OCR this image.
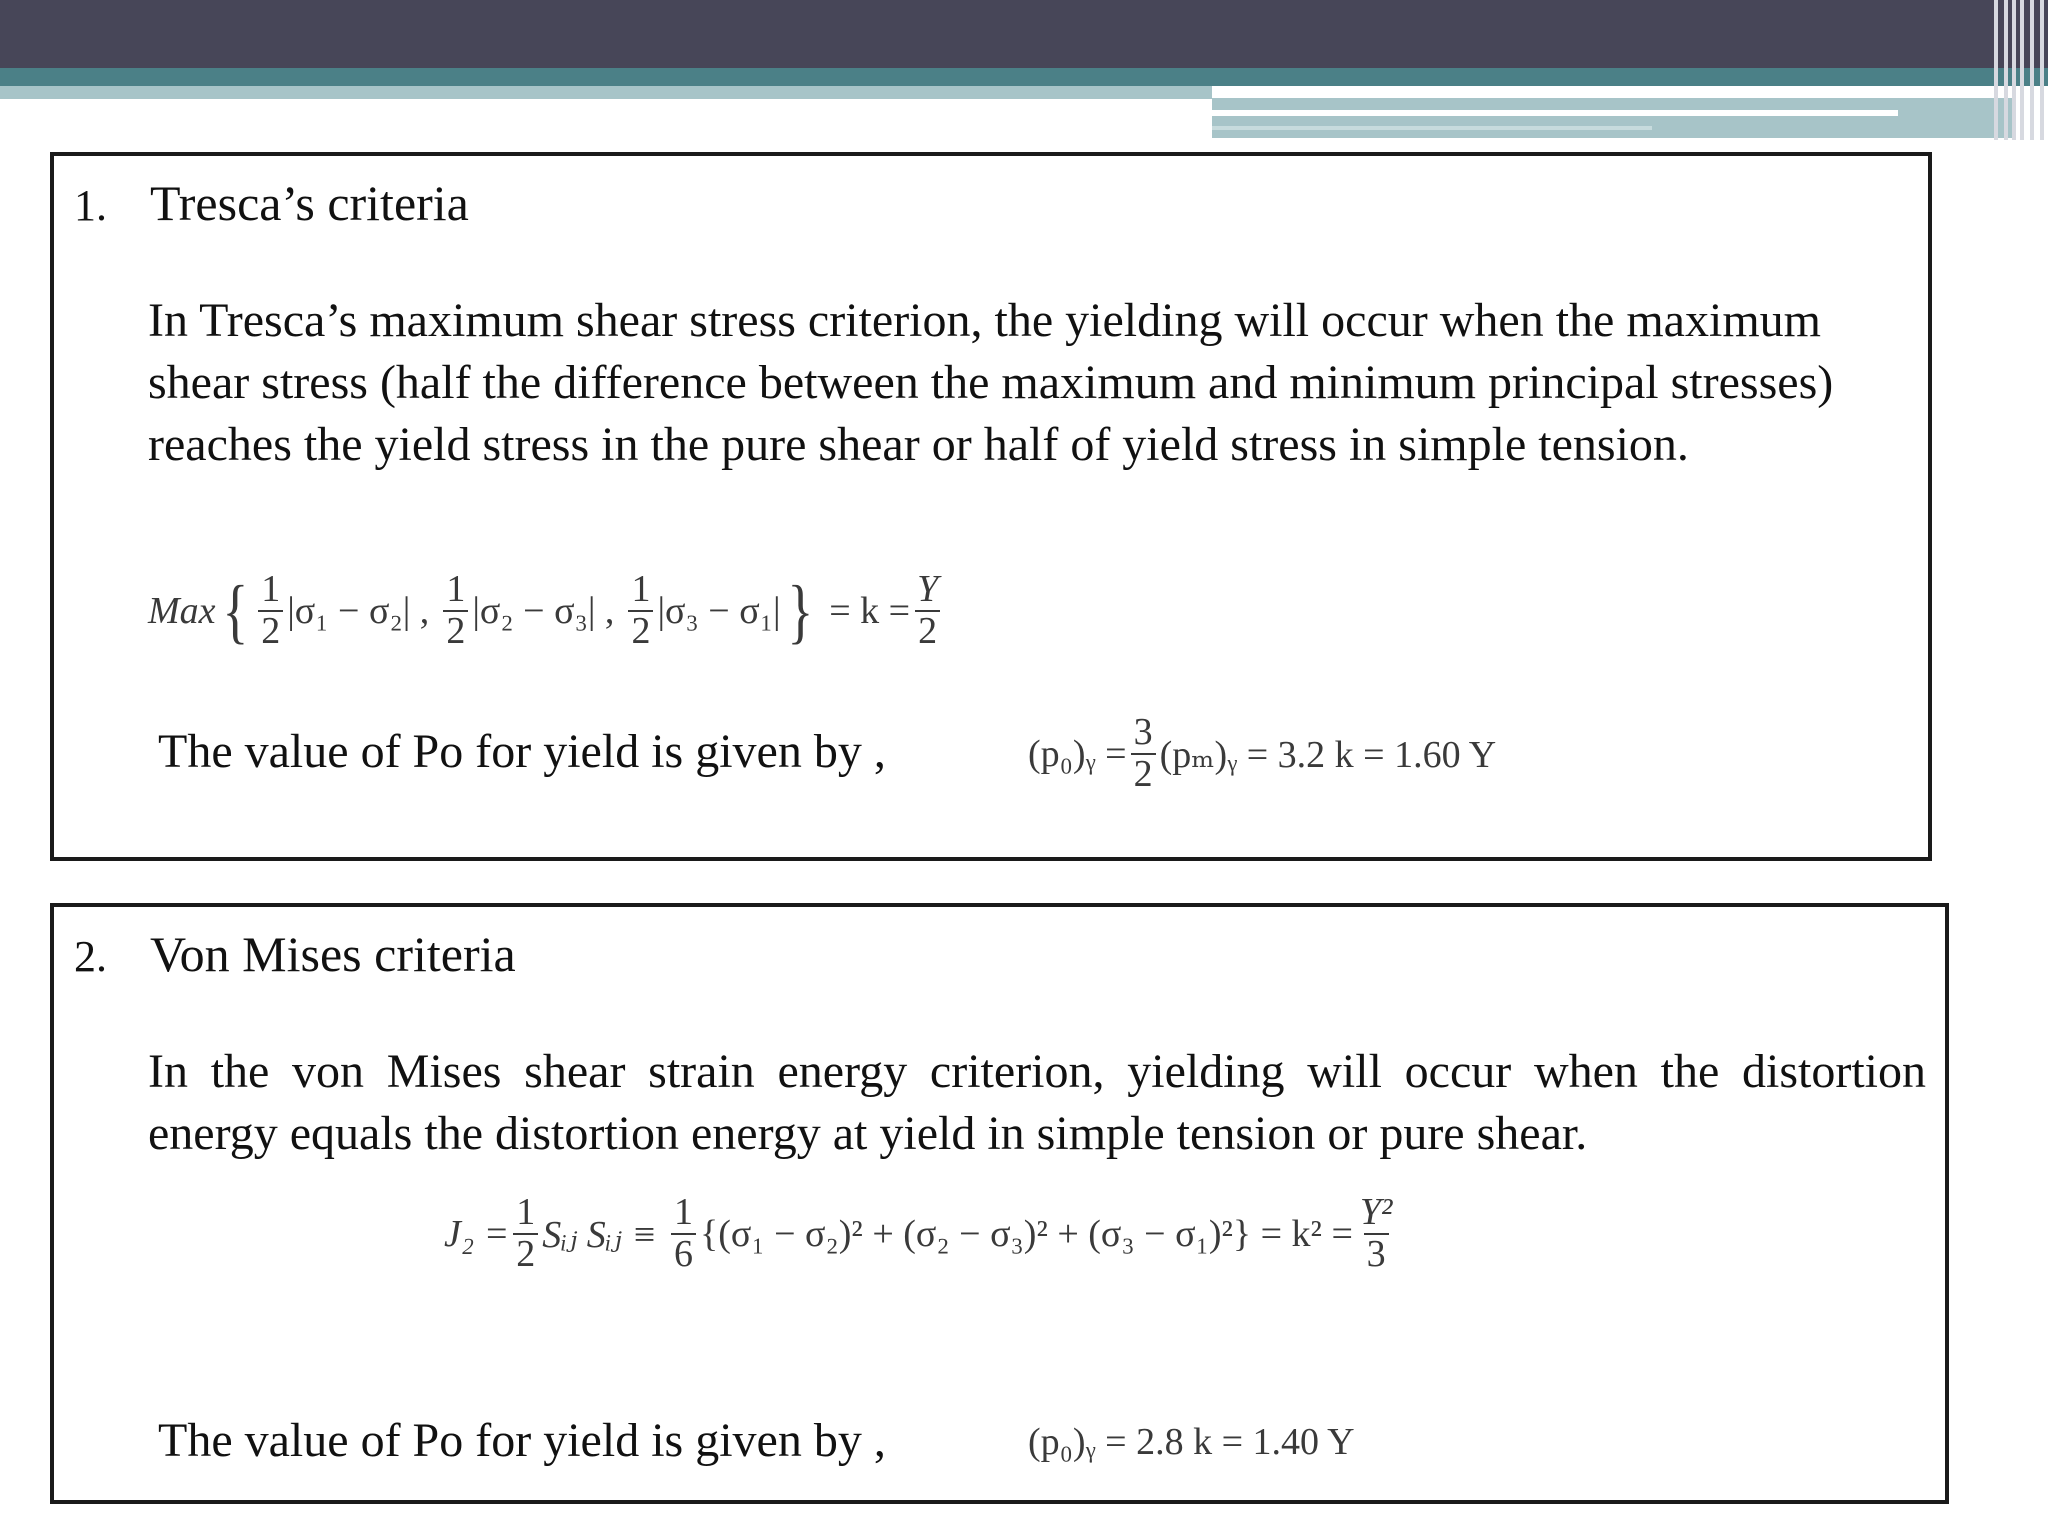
1. Tresca’s criteria
In Tresca’s maximum shear stress criterion, the yielding will occur when the maximum shear stress (half the difference between the maximum and minimum principal stresses) reaches the yield stress in the pure shear or half of yield stress in simple tension.
Max { $\frac{1}{2} |\sigma_1 - \sigma_2|$ , $\frac{1}{2} |\sigma_2 - \sigma_3|$ , $\frac{1}{2} |\sigma_3 - \sigma_1|$ } = $k = \frac{Y}{2}$
The value of Po for yield is given by ,	(p₀)ᵧ = $\frac{3}{2}$ (pₘ)ᵧ = 3.2 k = 1.60 Y
2. Von Mises criteria
In the von Mises shear strain energy criterion, yielding will occur when the distortion energy equals the distortion energy at yield in simple tension or pure shear.
$J_2 = \frac{1}{2}$ Sᵢⱼ Sᵢⱼ ≡ $\frac{1}{6} \{(\sigma_1 - \sigma_2)^2 + (\sigma_2 - \sigma_3)^2 + (\sigma_3 - \sigma_1)^2\} = k^2 = \frac{\text{Y²}}{3}$
The value of Po for yield is given by ,	(p₀)ᵧ = 2.8 k = 1.40 Y
